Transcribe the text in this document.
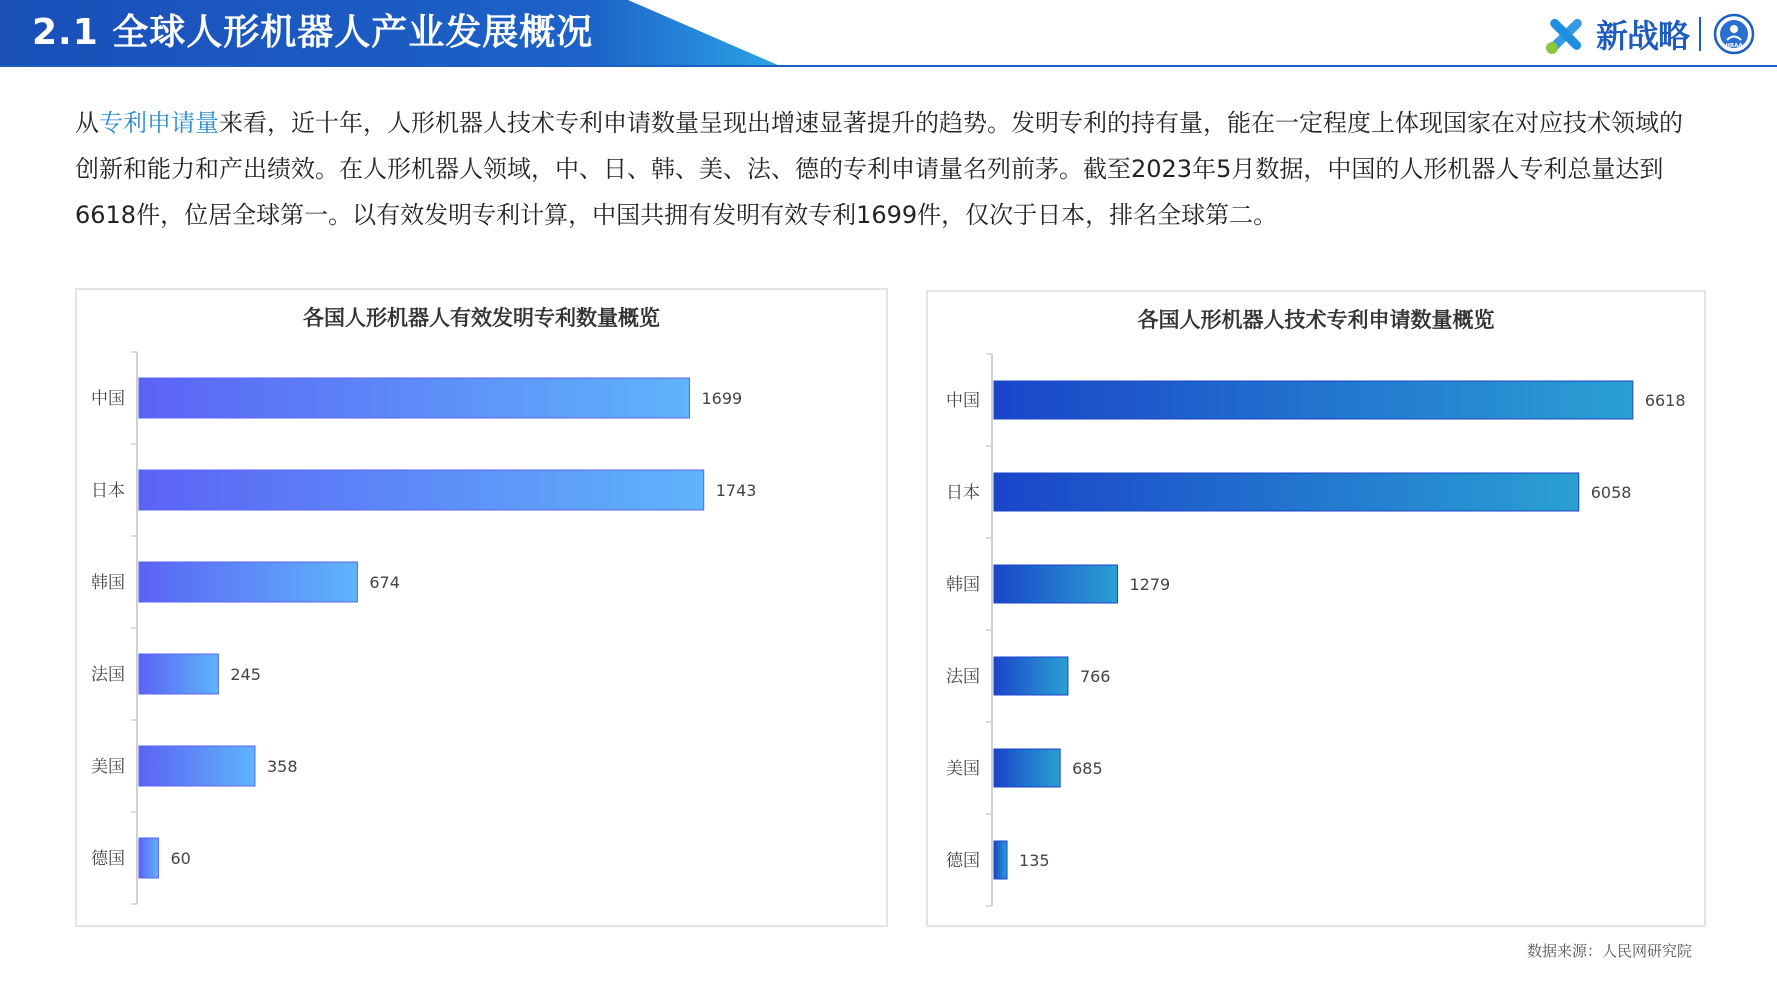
2.1 全球人形机器人产业发展概况	新战略	HRAA
从专利申请量来看，近十年，人形机器人技术专利申请数量呈现出增速显著提升的趋势。发明专利的持有量，能在一定程度上体现国家在对应技术领域的创新和能力和产出绩效。在人形机器人领域，中、日、韩、美、法、德的专利申请量名列前茅。截至2023年5月数据，中国的人形机器人专利总量达到6618件，位居全球第一。以有效发明专利计算，中国共拥有发明有效专利1699件，仅次于日本，排名全球第二。
各国人形机器人有效发明专利数量概览
中国	1699
日本	1743
韩国	674
法国	245
美国	358
德国	60
各国人形机器人技术专利申请数量概览
中国	6618
日本	6058
韩国	1279
法国	766
美国	685
德国 135
数据来源：人民网研究院
